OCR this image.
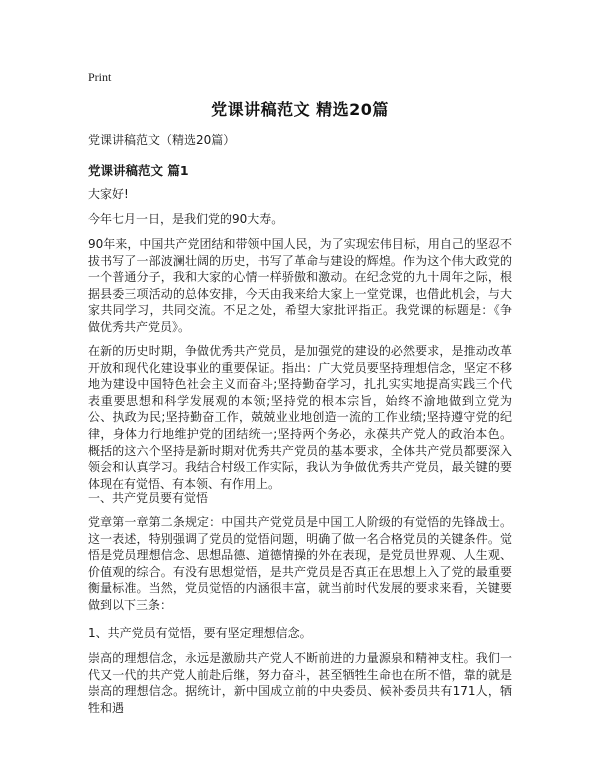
Print
党课讲稿范文 精选20篇
党课讲稿范文（精选20篇）
党课讲稿范文 篇1
大家好!
今年七月一日，是我们党的90大寿。

90年来，中国共产党团结和带领中国人民，为了实现宏伟目标，用自己的坚忍不拔书写了一部波澜壮阔的历史，书写了革命与建设的辉煌。作为这个伟大政党的一个普通分子，我和大家的心情一样骄傲和激动。在纪念党的九十周年之际，根据县委三项活动的总体安排，今天由我来给大家上一堂党课，也借此机会，与大家共同学习，共同交流。不足之处，希望大家批评指正。我党课的标题是：《争做优秀共产党员》。

在新的历史时期，争做优秀共产党员，是加强党的建设的必然要求，是推动改革开放和现代化建设事业的重要保证。指出：广大党员要坚持理想信念，坚定不移地为建设中国特色社会主义而奋斗;坚持勤奋学习，扎扎实实地提高实践三个代表重要思想和科学发展观的本领;坚持党的根本宗旨，始终不渝地做到立党为公、执政为民;坚持勤奋工作，兢兢业业地创造一流的工作业绩;坚持遵守党的纪律，身体力行地维护党的团结统一;坚持两个务必，永葆共产党人的政治本色。概括的这六个坚持是新时期对优秀共产党员的基本要求，全体共产党员都要深入领会和认真学习。我结合村级工作实际，我认为争做优秀共产党员，最关键的要体现在有觉悟、有本领、有作用上。

一、共产党员要有觉悟

党章第一章第二条规定：中国共产党党员是中国工人阶级的有觉悟的先锋战士。这一表述，特别强调了党员的觉悟问题，明确了做一名合格党员的关键条件。觉悟是党员理想信念、思想品德、道德情操的外在表现，是党员世界观、人生观、价值观的综合。有没有思想觉悟，是共产党员是否真正在思想上入了党的最重要衡量标准。当然，党员觉悟的内涵很丰富，就当前时代发展的要求来看，关键要做到以下三条：

1、共产党员有觉悟，要有坚定理想信念。

崇高的理想信念，永远是激励共产党人不断前进的力量源泉和精神支柱。我们一代又一代的共产党人前赴后继，努力奋斗，甚至牺牲生命也在所不惜，靠的就是崇高的理想信念。据统计，新中国成立前的中央委员、候补委员共有171人，牺牲和遇
